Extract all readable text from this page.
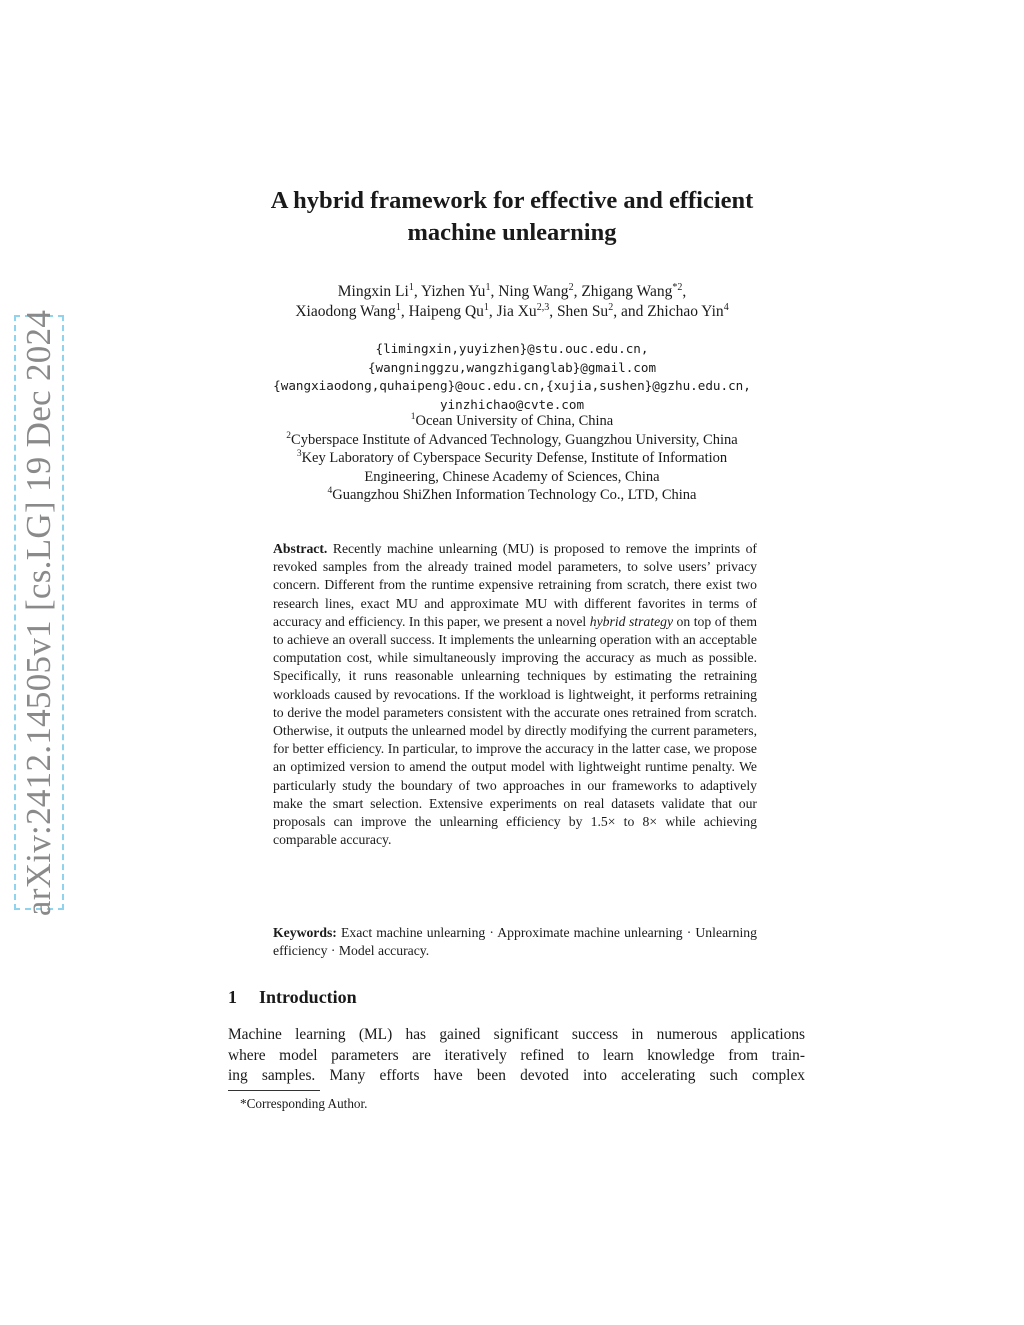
arXiv:2412.14505v1 [cs.LG] 19 Dec 2024
A hybrid framework for effective and efficient
machine unlearning
Mingxin Li$^1$, Yizhen Yu$^1$, Ning Wang$^2$, Zhigang Wang$^{*2}$,
Xiaodong Wang$^1$, Haipeng Qu$^1$, Jia Xu$^{2,3}$, Shen Su$^2$, and Zhichao Yin$^4$
{limingxin,yuyizhen}@stu.ouc.edu.cn,
{wangninggzu,wangzhiganglab}@gmail.com
{wangxiaodong,quhaipeng}@ouc.edu.cn,{xujia,sushen}@gzhu.edu.cn,
yinzhichao@cvte.com
$^1$Ocean University of China, China
$^2$Cyberspace Institute of Advanced Technology, Guangzhou University, China
$^3$Key Laboratory of Cyberspace Security Defense, Institute of Information
Engineering, Chinese Academy of Sciences, China
$^4$Guangzhou ShiZhen Information Technology Co., LTD, China

Abstract. Recently machine unlearning (MU) is proposed to remove the imprints of revoked samples from the already trained model parameters, to solve users’ privacy concern. Different from the runtime expensive retraining from scratch, there exist two research lines, exact MU and approximate MU with different favorites in terms of accuracy and efficiency. In this paper, we present a novel hybrid strategy on top of them to achieve an overall success. It implements the unlearning operation with an acceptable computation cost, while simultaneously improving the accuracy as much as possible. Specifically, it runs reasonable unlearning techniques by estimating the retraining workloads caused by revocations. If the workload is lightweight, it performs retraining to derive the model parameters consistent with the accurate ones retrained from scratch. Otherwise, it outputs the unlearned model by directly modifying the current parameters, for better efficiency. In particular, to improve the accuracy in the latter case, we propose an optimized version to amend the output model with lightweight runtime penalty. We particularly study the boundary of two approaches in our frameworks to adaptively make the smart selection. Extensive experiments on real datasets validate that our proposals can improve the unlearning efficiency by 1.5× to 8× while achieving comparable accuracy.

Keywords: Exact machine unlearning · Approximate machine unlearning · Unlearning efficiency · Model accuracy.
1 Introduction
Machine learning (ML) has gained significant success in numerous applications
where model parameters are iteratively refined to learn knowledge from train-
ing samples. Many efforts have been devoted into accelerating such complex
*Corresponding Author.
